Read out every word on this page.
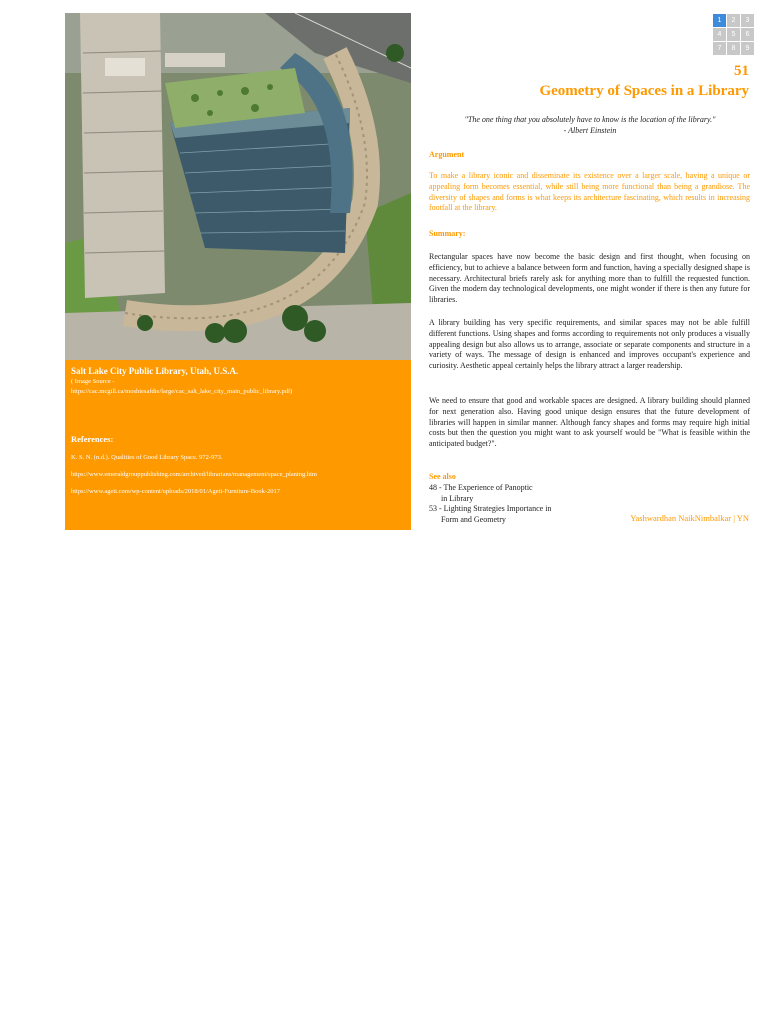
Salt Lake City Public Library, Utah, U.S.A.
( Image Source -
https://cac.mcgill.ca/moshiesafdie/large/cac_salt_lake_city_main_public_library.pdf)
References:
K. S. N. (n.d.). Qualities of Good Library Space. 972-973.
https://www.emeraldgrouppublishing.com/archived/librarians/management/space_planing.htm
https://www.ageti.com/wp-content/uploads/2018/01/Ageti-Furniture-Book-2017
1	2	3
4	5	6
7	8	9
51
Geometry of Spaces in a Library
"The one thing that you absolutely have to know is the location of the library."
- Albert Einstein
Argument
To make a library iconic and disseminate its existence over a larger scale, having a unique or appealing form becomes essential, while still being more functional than being a grandiose. The diversity of shapes and forms is what keeps its architecture fascinating, which results in increasing footfall at the library.
Summary:
Rectangular spaces have now become the basic design and first thought, when focusing on efficiency, but to achieve a balance between form and function, having a specially designed shape is necessary. Architectural briefs rarely ask for anything more than to fulfill the requested function. Given the modern day technological developments, one might wonder if there is then any future for libraries.
A library building has very specific requirements, and similar spaces may not be able fulfill different functions. Using shapes and forms according to requirements not only produces a visually appealing design but also allows us to arrange, associate or separate components and structure in a variety of ways. The message of design is enhanced and improves occupant's experience and curiosity. Aesthetic appeal certainly helps the library attract a larger readership.
We need to ensure that good and workable spaces are designed. A library building should planned for next generation also. Having good unique design ensures that the future development of libraries will happen in similar manner. Although fancy shapes and forms may require high initial costs but then the question you might want to ask yourself would be "What is feasible within the anticipated budget?".
See also
48 - The Experience of Panoptic
in Library
53 - Lighting Strategies Importance in
Form and Geometry	Yashwardhan NaikNimbalkar | YN
